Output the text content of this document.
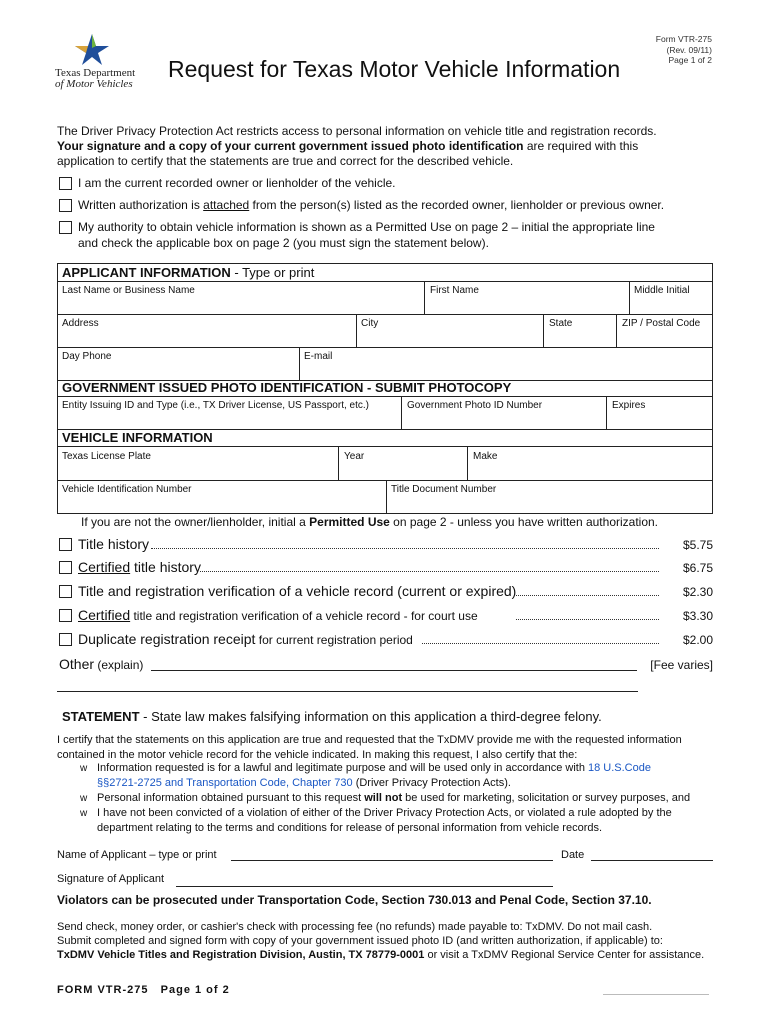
Texas Department
of Motor Vehicles
Request for Texas Motor Vehicle Information
Form VTR-275
(Rev. 09/11)
Page 1 of 2
The Driver Privacy Protection Act restricts access to personal information on vehicle title and registration records.
Your signature and a copy of your current government issued photo identification are required with this
application to certify that the statements are true and correct for the described vehicle.
I am the current recorded owner or lienholder of the vehicle.
Written authorization is attached from the person(s) listed as the recorded owner, lienholder or previous owner.
My authority to obtain vehicle information is shown as a Permitted Use on page 2 – initial the appropriate line
and check the applicable box on page 2 (you must sign the statement below).
APPLICANT INFORMATION - Type or print
Last Name or Business Name	First Name	Middle Initial
Address	City	State	ZIP / Postal Code
Day Phone	E-mail
GOVERNMENT ISSUED PHOTO IDENTIFICATION - SUBMIT PHOTOCOPY
Entity Issuing ID and Type (i.e., TX Driver License, US Passport, etc.)	Government Photo ID Number	Expires
VEHICLE INFORMATION
Texas License Plate	Year	Make
Vehicle Identification Number	Title Document Number
If you are not the owner/lienholder, initial a Permitted Use on page 2 - unless you have written authorization.
Title history	$5.75
Certified title history	$6.75
Title and registration verification of a vehicle record (current or expired)	$2.30
Certified title and registration verification of a vehicle record - for court use	$3.30
Duplicate registration receipt for current registration period	$2.00
Other (explain)	[Fee varies]
STATEMENT - State law makes falsifying information on this application a third-degree felony.
I certify that the statements on this application are true and requested that the TxDMV provide me with the requested information
contained in the motor vehicle record for the vehicle indicated. In making this request, I also certify that the:
w Information requested is for a lawful and legitimate purpose and will be used only in accordance with 18 U.S.Code
§§2721-2725 and Transportation Code, Chapter 730 (Driver Privacy Protection Acts).
w Personal information obtained pursuant to this request will not be used for marketing, solicitation or survey purposes, and
w I have not been convicted of a violation of either of the Driver Privacy Protection Acts, or violated a rule adopted by the
department relating to the terms and conditions for release of personal information from vehicle records.
Name of Applicant – type or print	Date
Signature of Applicant
Violators can be prosecuted under Transportation Code, Section 730.013 and Penal Code, Section 37.10.
Send check, money order, or cashier's check with processing fee (no refunds) made payable to: TxDMV. Do not mail cash.
Submit completed and signed form with copy of your government issued photo ID (and written authorization, if applicable) to:
TxDMV Vehicle Titles and Registration Division, Austin, TX 78779-0001 or visit a TxDMV Regional Service Center for assistance.
FORM VTR-275 Page 1 of 2
